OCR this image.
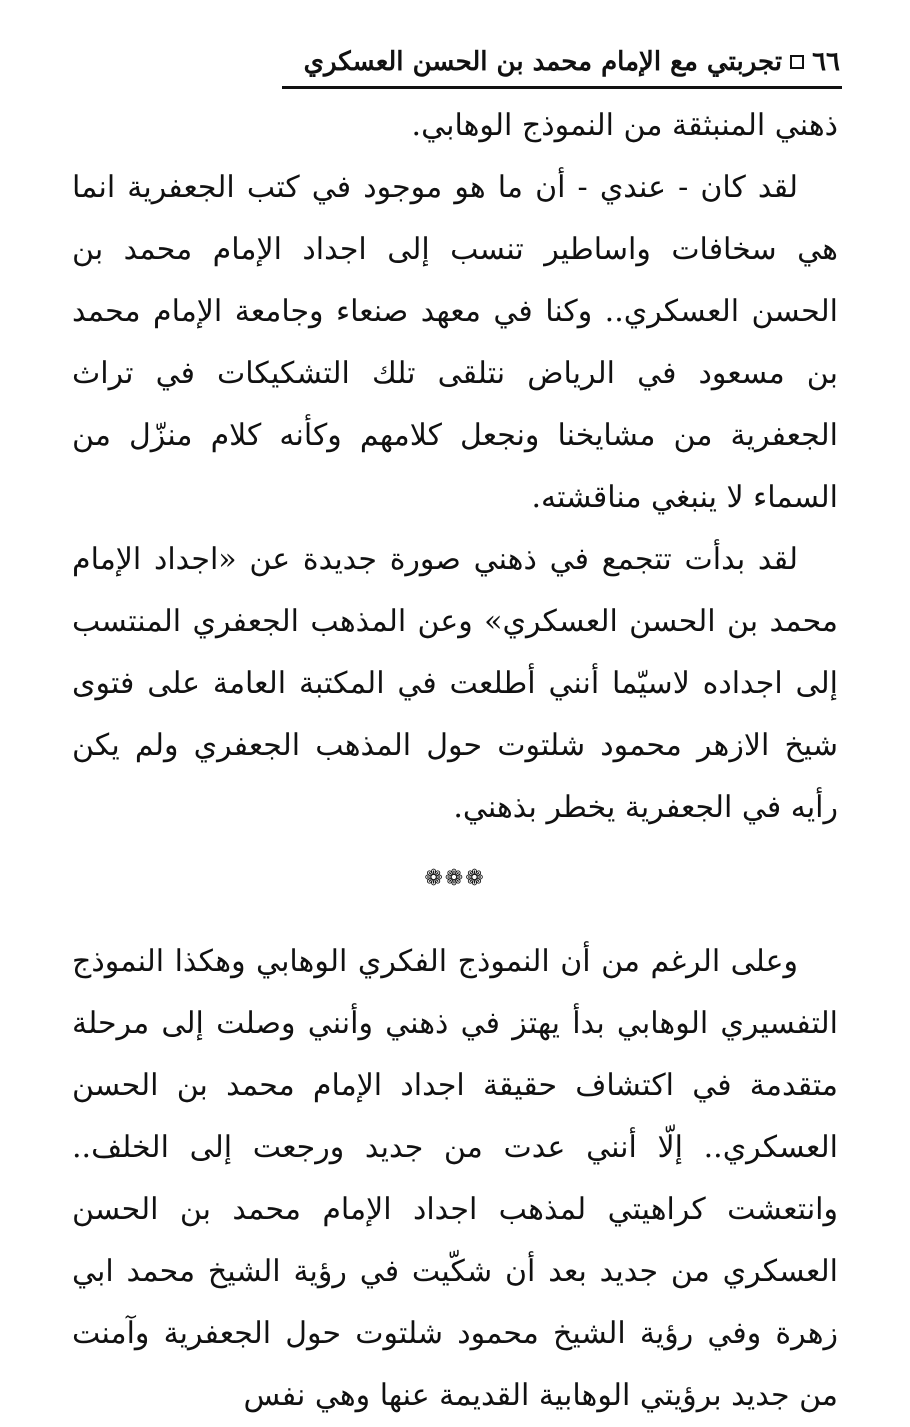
٦٦
تجربتي مع الإمام محمد بن الحسن العسكري

ذهني المنبثقة من النموذج الوهابي.

لقد كان - عندي - أن ما هو موجود في كتب الجعفرية انما هي سخافات واساطير تنسب إلى اجداد الإمام محمد بن الحسن العسكري.. وكنا في معهد صنعاء وجامعة الإمام محمد بن مسعود في الرياض نتلقى تلك التشكيكات في تراث الجعفرية من مشايخنا ونجعل كلامهم وكأنه كلام منزّل من السماء لا ينبغي مناقشته.

لقد بدأت تتجمع في ذهني صورة جديدة عن «اجداد الإمام محمد بن الحسن العسكري» وعن المذهب الجعفري المنتسب إلى اجداده لاسيّما أنني أطلعت في المكتبة العامة على فتوى شيخ الازهر محمود شلتوت حول المذهب الجعفري ولم يكن رأيه في الجعفرية يخطر بذهني.

❁❁❁

وعلى الرغم من أن النموذج الفكري الوهابي وهكذا النموذج التفسيري الوهابي بدأ يهتز في ذهني وأنني وصلت إلى مرحلة متقدمة في اكتشاف حقيقة اجداد الإمام محمد بن الحسن العسكري.. إلّا أنني عدت من جديد ورجعت إلى الخلف.. وانتعشت كراهيتي لمذهب اجداد الإمام محمد بن الحسن العسكري من جديد بعد أن شكّيت في رؤية الشيخ محمد ابي زهرة وفي رؤية الشيخ محمود شلتوت حول الجعفرية وآمنت من جديد برؤيتي الوهابية القديمة عنها وهي نفس
